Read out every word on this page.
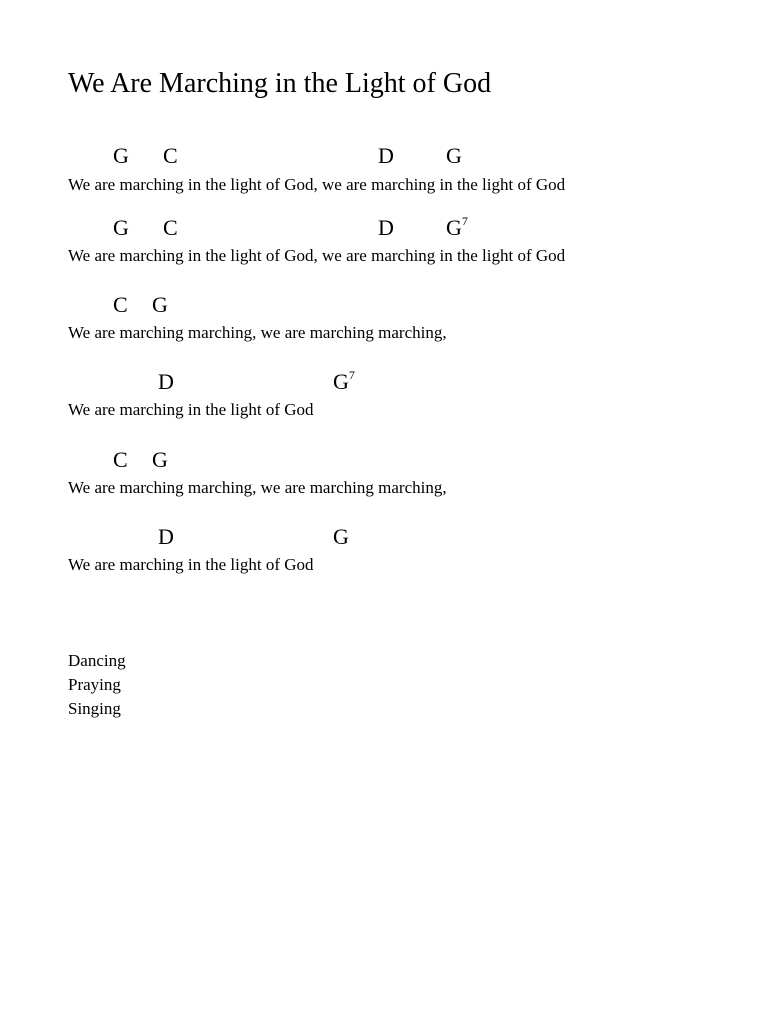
We Are Marching in the Light of God
G C	D G
We are marching in the light of God, we are marching in the light of God
G C	D $G^7$
We are marching in the light of God, we are marching in the light of God
C G
We are marching marching, we are marching marching,
D	$G^7$
We are marching in the light of God
C G
We are marching marching, we are marching marching,
D	G
We are marching in the light of God
Dancing
Praying
Singing
